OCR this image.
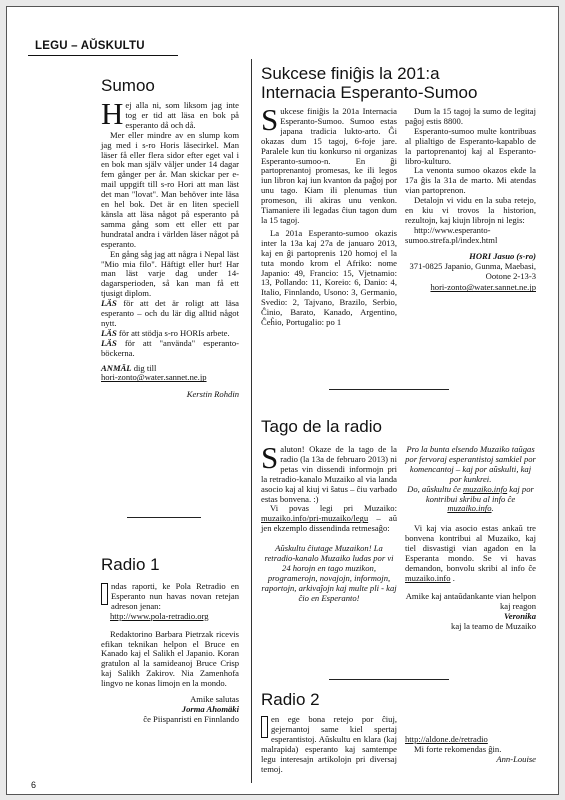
LEGU – AŬSKULTU
Sumoo

Hej alla ni, som liksom jag inte tog er tid att läsa en bok på esperanto då och då.

Mer eller mindre av en slump kom jag med i s-ro Horis läsecirkel. Man läser få eller flera sidor efter eget val i en bok man själv väljer under 14 dagar fem gånger per år. Man skickar per e-mail uppgift till s-ro Hori att man läst det man "lovat". Man behöver inte läsa en hel bok. Det är en liten speciell känsla att läsa något på esperanto på samma gång som ett eller ett par hundratal andra i världen läser något på esperanto.

En gång såg jag att några i Nepal läst "Mio mia filo". Häftigt eller hur! Har man läst varje dag under 14-dagarsperioden, så kan man få ett tjusigt diplom.

LÄS för att det är roligt att läsa esperanto – och du lär dig alltid något nytt.

LÄS för att stödja s-ro HORIs arbete.

LÄS för att "använda" esperanto-böckerna.

ANMÄL dig till

hori-zonto@water.sannet.ne.jp

Kerstin Rohdin

Radio 1

ndas raporti, ke Pola Retradio en Esperanto nun havas novan retejan adreson jenan:

http://www.pola-retradio.org

Redaktorino Barbara Pietrzak ricevis efikan teknikan helpon el Bruce en Kanado kaj el Salikh el Japanio. Koran gratulon al la samideanoj Bruce Crisp kaj Salikh Zakirov. Nia Zamenhofa lingvo ne konas limojn en la mondo.

Amike salutas

Jorma Ahomäki

ĉe Piispanristi en Finnlando

Sukcese finiĝis la 201:a
Internacia Esperanto-Sumoo

Sukcese finiĝis la 201a Internacia Esperanto-Sumoo. Sumoo estas japana tradicia lukto-arto. Ĝi okazas dum 15 tagoj, 6-foje jare. Paralele kun tiu konkurso ni organizas Esperanto-sumoo-n. En ĝi partoprenantoj promesas, ke ili legos iun libron kaj iun kvanton da paĝoj por unu tago. Kiam ili plenumas tiun promeson, ili akiras unu venkon. Tiamaniere ili legadas ĉiun tagon dum la 15 tagoj.

La 201a Esperanto-sumoo okazis inter la 13a kaj 27a de januaro 2013, kaj en ĝi partoprenis 120 homoj el la tuta mondo krom el Afriko: nome Japanio: 49, Francio: 15, Vjetnamio: 13, Pollando: 11, Koreio: 6, Danio: 4, Italio, Finnlando, Usono: 3, Germanio, Svedio: 2, Tajvano, Brazilo, Serbio, Ĉinio, Barato, Kanado, Argentino, Ĉeĥio, Portugalio: po 1

Dum la 15 tagoj la sumo de legitaj paĝoj estis 8800.

Esperanto-sumoo multe kontribuas al plialtigo de Esperanto-kapablo de la partoprenantoj kaj al Esperanto-libro-kulturo.

La venonta sumoo okazos ekde la 17a ĝis la 31a de marto. Mi atendas vian partoprenon.

Detalojn vi vidu en la suba retejo, en kiu vi trovos la historion, rezultojn, kaj kiujn librojn ni legis:

http://www.esperanto-sumoo.strefa.pl/index.html

HORI Jasuo (s-ro)

371-0825 Japanio, Gunma, Maebasi, Ootone 2-13-3

hori-zonto@water.sannet.ne.jp

Tago de la radio

Saluton! Okaze de la tago de la radio (la 13a de februaro 2013) ni petas vin dissendi informojn pri la retradio-kanalo Muzaiko al via landa asocio kaj al kiuj vi ŝatus – ĉiu varbado estas bonvena. :)

Vi povas legi pri Muzaiko: muzaiko.info/pri-muzaiko/legu – aŭ jen ekzemplo dissendinda retmesaĝo:

Aŭskultu ĉiutage Muzaikon! La retradio-kanalo Muzaiko ludas por vi 24 horojn en tago muzikon, programerojn, novajojn, informojn, raportojn, arkivaĵojn kaj multe pli - kaj ĉio en Esperanto!

Pro la bunta elsendo Muzaiko taŭgas por fervoraj esperantistoj samkiel por komencantoj – kaj por aŭskulti, kaj por kunkrei.

Do, aŭskultu ĉe muzaiko.info kaj por kontribui skribu al info ĉe muzaiko.info.

Vi kaj via asocio estas ankaŭ tre bonvena kontribui al Muzaiko, kaj tiel disvastigi vian agadon en la Esperanta mondo. Se vi havas demandon, bonvolu skribi al info ĉe muzaiko.info .

Amike kaj antaŭdankante vian helpon kaj reagon

Veronika

kaj la teamo de Muzaiko

Radio 2

en ege bona retejo por ĉiuj, gejernantoj same kiel spertaj esperantistoj. Aŭskultu en klara (kaj malrapida) esperanto kaj samtempe legu interesajn artikolojn pri diversaj temoj.

http://aldone.de/retradio

Mi forte rekomendas ĝin.

Ann-Louise

6
